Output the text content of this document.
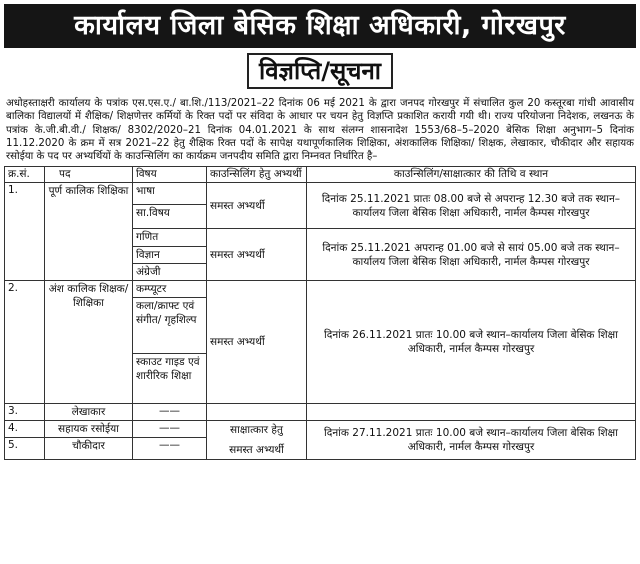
कार्यालय जिला बेसिक शिक्षा अधिकारी, गोरखपुर
विज्ञप्ति/सूचना
अधोहस्ताक्षरी कार्यालय के पत्रांक एस.एस.ए./ बा.शि./113/2021–22 दिनांक 06 मई 2021 के द्वारा जनपद गोरखपुर में संचालित कुल 20 कस्तूरबा गांधी आवासीय बालिका विद्यालयों में शैक्षिक/ शिक्षणेत्तर कर्मियों के रिक्त पदों पर संविदा के आधार पर चयन हेतु विज्ञप्ति प्रकाशित करायी गयी थी। राज्य परियोजना निदेशक, लखनऊ के पत्रांक के.जी.बी.वी./ शिक्षक/ 8302/2020–21 दिनांक 04.01.2021 के साथ संलग्न शासनादेश 1553/68–5–2020 बेसिक शिक्षा अनुभाग–5 दिनांक 11.12.2020 के क्रम में सत्र 2021–22 हेतु शैक्षिक रिक्त पदों के सापेक्ष यथापूर्णकालिक शिक्षिका, अंशकालिक शिक्षिका/ शिक्षक, लेखाकार, चौकीदार और सहायक रसोईया के पद पर अभ्यर्थियों के काउन्सिलिंग का कार्यक्रम जनपदीय समिति द्वारा निम्नवत निर्धारित है–
क्र.सं.	पद	विषय	काउन्सिलिंग हेतु अभ्यर्थी	काउन्सिलिंग/साक्षात्कार की तिथि व स्थान
1.	पूर्ण कालिक शिक्षिका	भाषा	समस्त अभ्यर्थी	दिनांक 25.11.2021 प्रातः 08.00 बजे से अपरान्ह 12.30 बजे तक स्थान–कार्यालय जिला बेसिक शिक्षा अधिकारी, नार्मल कैम्पस गोरखपुर
		सा.विषय		
		गणित	समस्त अभ्यर्थी	दिनांक 25.11.2021 अपरान्ह 01.00 बजे से सायं 05.00 बजे तक स्थान–कार्यालय जिला बेसिक शिक्षा अधिकारी, नार्मल कैम्पस गोरखपुर
		विज्ञान		
		अंग्रेजी		
2.	अंश कालिक शिक्षक/शिक्षिका	कम्प्यूटर	समस्त अभ्यर्थी	दिनांक 26.11.2021 प्रातः 10.00 बजे स्थान–कार्यालय जिला बेसिक शिक्षा अधिकारी, नार्मल कैम्पस गोरखपुर
		कला/क्राफ्ट एवं संगीत/ गृहशिल्प		
		स्काउट गाइड एवं शारीरिक शिक्षा		
3.	लेखाकार	——		
4.	सहायक रसोईया	——	साक्षात्कार हेतु
समस्त अभ्यर्थी	दिनांक 27.11.2021 प्रातः 10.00 बजे स्थान–कार्यालय जिला बेसिक शिक्षा अधिकारी, नार्मल कैम्पस गोरखपुर
5.	चौकीदार	——		
